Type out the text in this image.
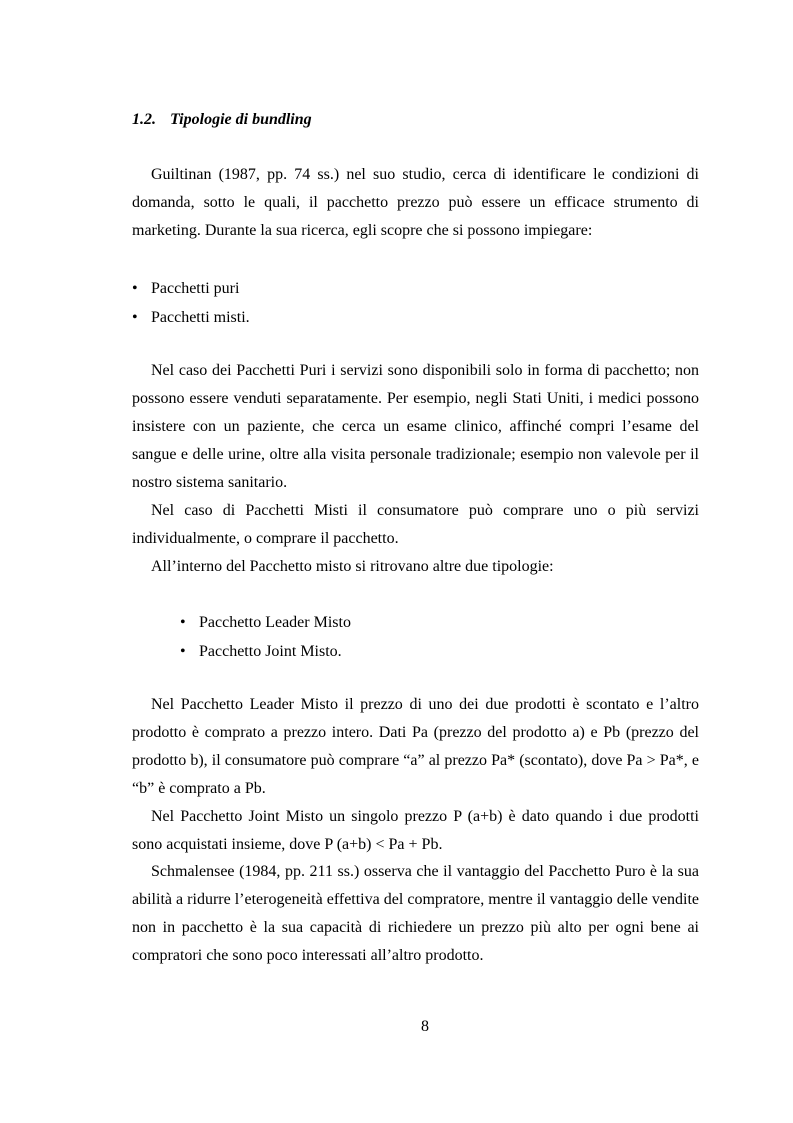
1.2. Tipologie di bundling

Guiltinan (1987, pp. 74 ss.) nel suo studio, cerca di identificare le condizioni di domanda, sotto le quali, il pacchetto prezzo può essere un efficace strumento di marketing. Durante la sua ricerca, egli scopre che si possono impiegare:

• Pacchetti puri
• Pacchetti misti.

Nel caso dei Pacchetti Puri i servizi sono disponibili solo in forma di pacchetto; non possono essere venduti separatamente. Per esempio, negli Stati Uniti, i medici possono insistere con un paziente, che cerca un esame clinico, affinché compri l’esame del sangue e delle urine, oltre alla visita personale tradizionale; esempio non valevole per il nostro sistema sanitario.

Nel caso di Pacchetti Misti il consumatore può comprare uno o più servizi individualmente, o comprare il pacchetto.

All’interno del Pacchetto misto si ritrovano altre due tipologie:

• Pacchetto Leader Misto
• Pacchetto Joint Misto.

Nel Pacchetto Leader Misto il prezzo di uno dei due prodotti è scontato e l’altro prodotto è comprato a prezzo intero. Dati Pa (prezzo del prodotto a) e Pb (prezzo del prodotto b), il consumatore può comprare “a” al prezzo Pa* (scontato), dove Pa > Pa*, e “b” è comprato a Pb.

Nel Pacchetto Joint Misto un singolo prezzo P (a+b) è dato quando i due prodotti sono acquistati insieme, dove P (a+b) < Pa + Pb.

Schmalensee (1984, pp. 211 ss.) osserva che il vantaggio del Pacchetto Puro è la sua abilità a ridurre l’eterogeneità effettiva del compratore, mentre il vantaggio delle vendite non in pacchetto è la sua capacità di richiedere un prezzo più alto per ogni bene ai compratori che sono poco interessati all’altro prodotto.

8
